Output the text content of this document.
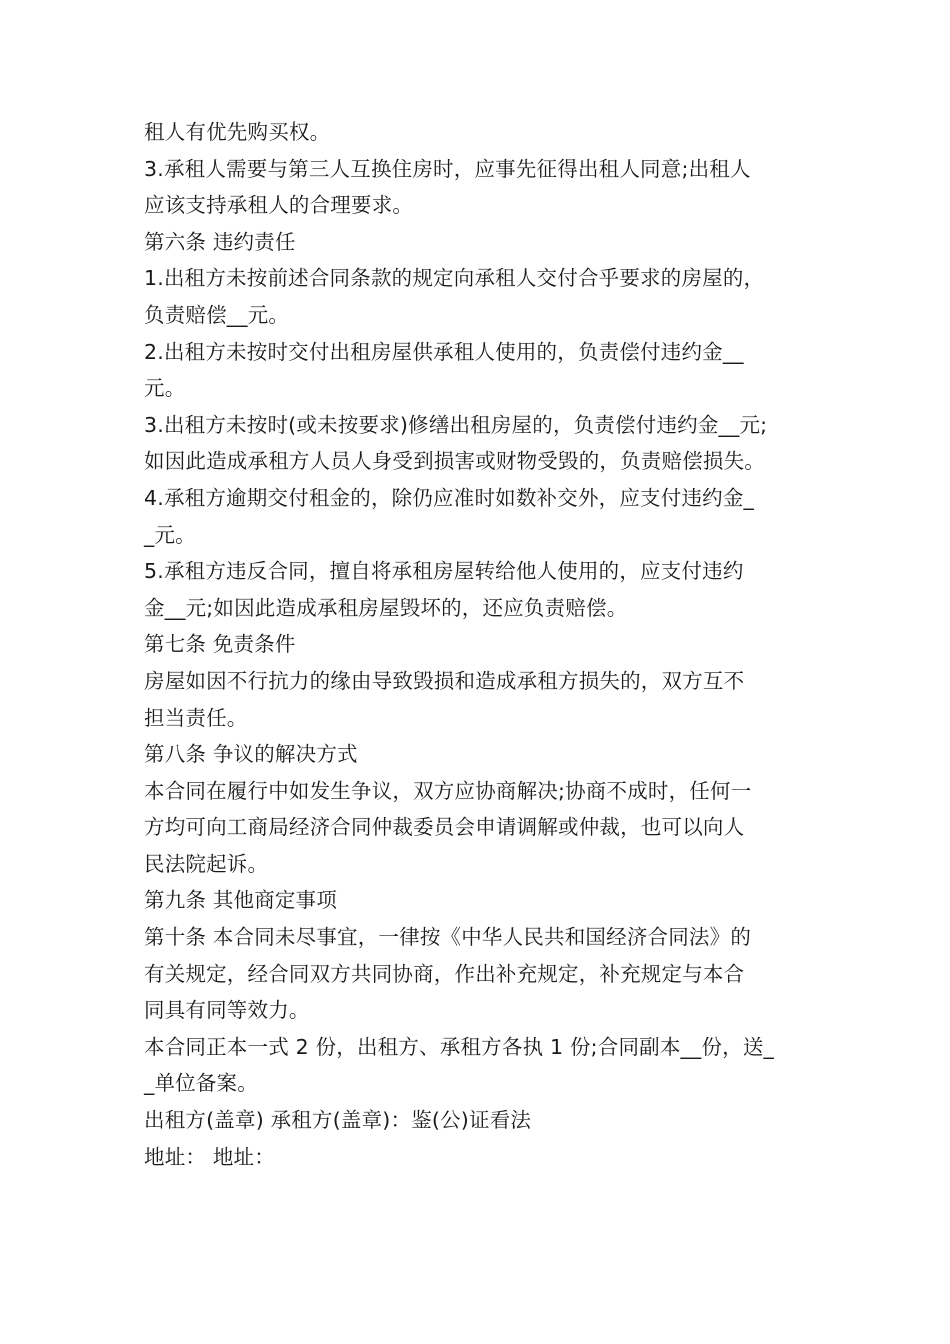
租人有优先购买权。
3.承租人需要与第三人互换住房时，应事先征得出租人同意;出租人
应该支持承租人的合理要求。
第六条 违约责任
1.出租方未按前述合同条款的规定向承租人交付合乎要求的房屋的，
负责赔偿__元。
2.出租方未按时交付出租房屋供承租人使用的，负责偿付违约金__
元。
3.出租方未按时(或未按要求)修缮出租房屋的，负责偿付违约金__元;
如因此造成承租方人员人身受到损害或财物受毁的，负责赔偿损失。
4.承租方逾期交付租金的，除仍应准时如数补交外，应支付违约金_
_元。
5.承租方违反合同，擅自将承租房屋转给他人使用的，应支付违约
金__元;如因此造成承租房屋毁坏的，还应负责赔偿。
第七条 免责条件
房屋如因不行抗力的缘由导致毁损和造成承租方损失的，双方互不
担当责任。
第八条 争议的解决方式
本合同在履行中如发生争议，双方应协商解决;协商不成时，任何一
方均可向工商局经济合同仲裁委员会申请调解或仲裁，也可以向人
民法院起诉。
第九条 其他商定事项
第十条 本合同未尽事宜，一律按《中华人民共和国经济合同法》的
有关规定，经合同双方共同协商，作出补充规定，补充规定与本合
同具有同等效力。
本合同正本一式 2 份，出租方、承租方各执 1 份;合同副本__份，送_
_单位备案。
出租方(盖章) 承租方(盖章)：鉴(公)证看法
地址： 地址：
